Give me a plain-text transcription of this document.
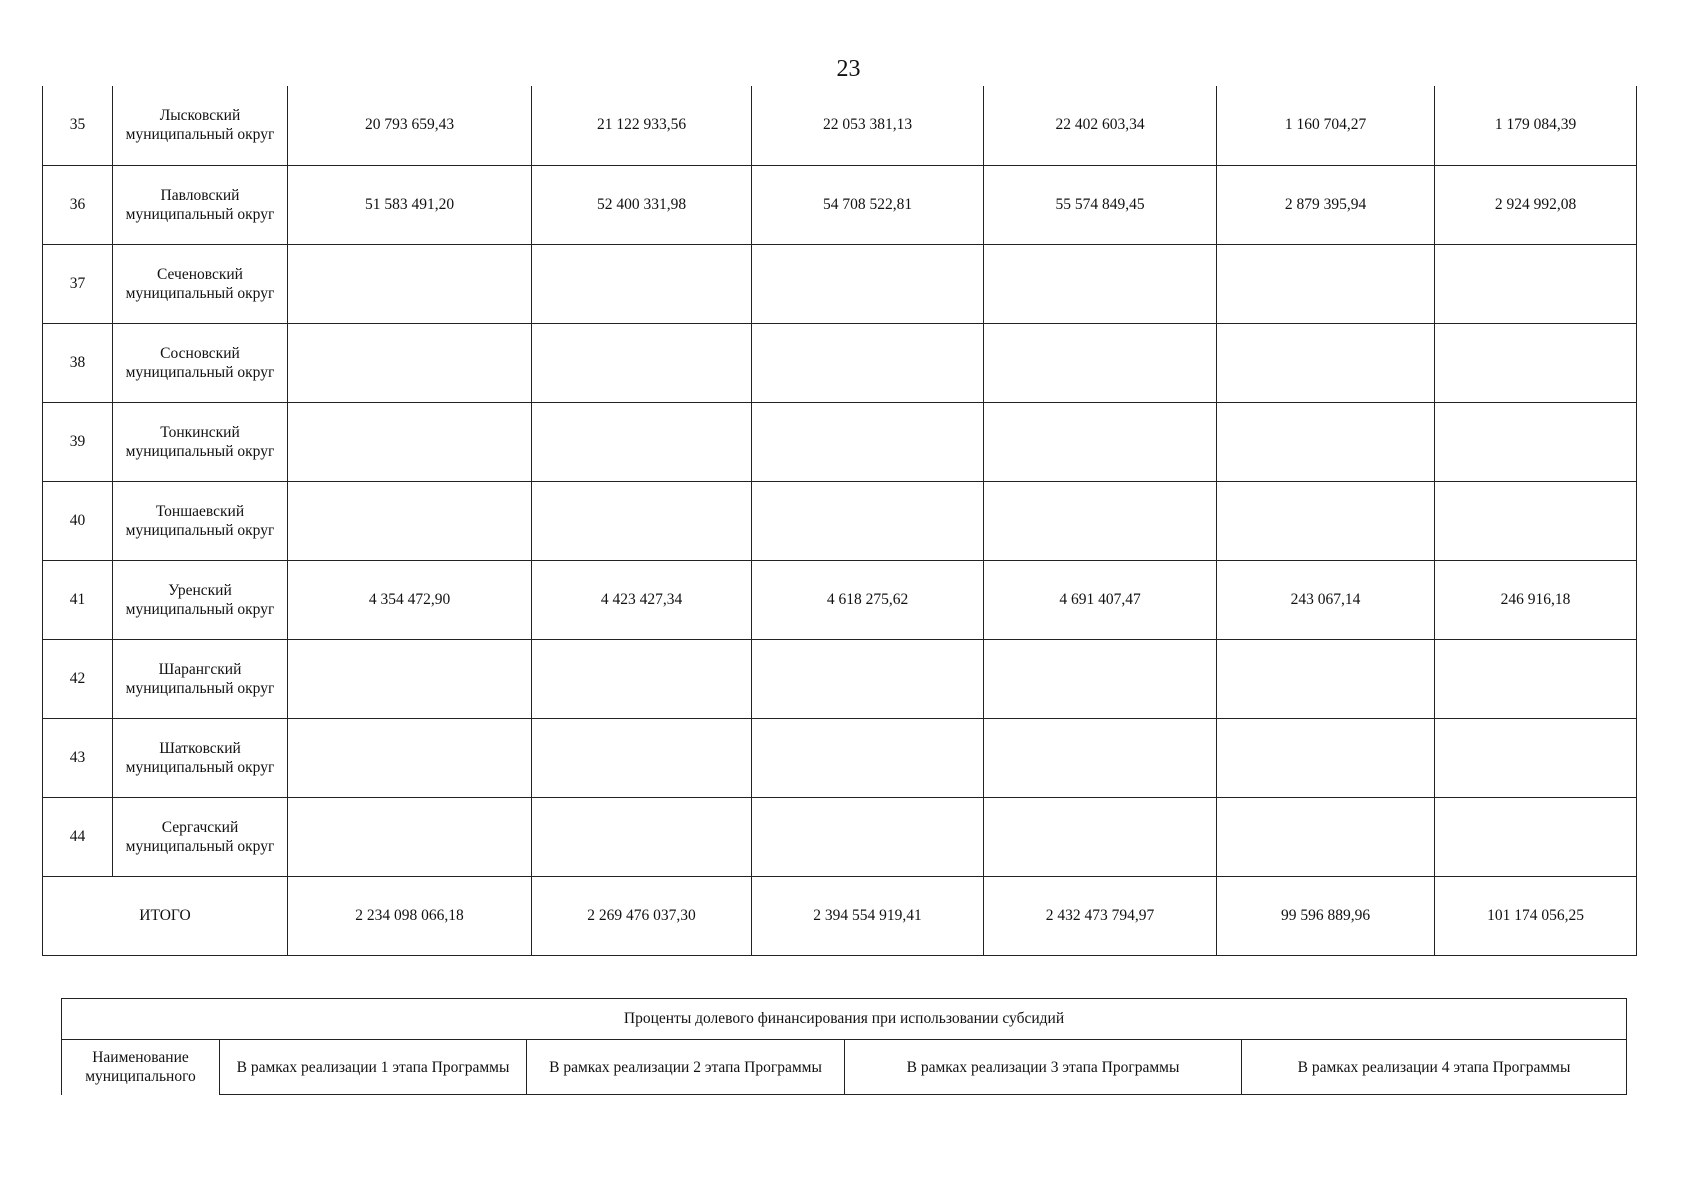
23
35	Лысковский муниципальный округ	20 793 659,43	21 122 933,56	22 053 381,13	22 402 603,34	1 160 704,27	1 179 084,39
36	Павловский муниципальный округ	51 583 491,20	52 400 331,98	54 708 522,81	55 574 849,45	2 879 395,94	2 924 992,08
37	Сеченовский муниципальный округ						
38	Сосновский муниципальный округ						
39	Тонкинский муниципальный округ						
40	Тоншаевский муниципальный округ						
41	Уренский муниципальный округ	4 354 472,90	4 423 427,34	4 618 275,62	4 691 407,47	243 067,14	246 916,18
42	Шарангский муниципальный округ						
43	Шатковский муниципальный округ						
44	Сергачский муниципальный округ						
ИТОГО		2 234 098 066,18	2 269 476 037,30	2 394 554 919,41	2 432 473 794,97	99 596 889,96	101 174 056,25
Проценты долевого финансирования при использовании субсидий
Наименование муниципального	В рамках реализации 1 этапа Программы	В рамках реализации 2 этапа Программы	В рамках реализации 3 этапа Программы	В рамках реализации 4 этапа Программы
